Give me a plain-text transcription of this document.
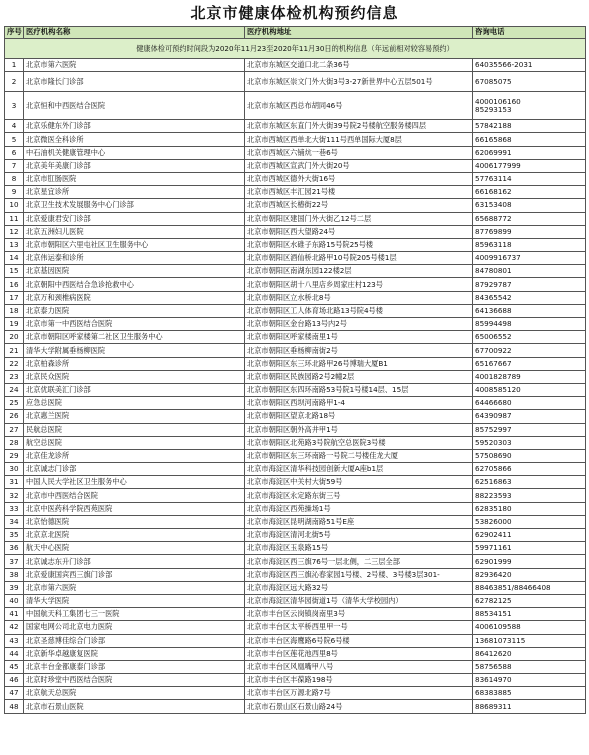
北京市健康体检机构预约信息
序号	医疗机构名称	医疗机构地址	咨询电话
健康体检可预约时间段为2020年11月23至2020年11月30日的机构信息（年远前相对较容易预约）			
1	北京市第六医院	北京市东城区交道口北二条36号	64035566-2031
2	北京市隆长门诊部	北京市东城区崇文门外大街3号3-27新世界中心五层501号	67085075
3	北京恒和中西医结合医院	北京市东城区西总布胡同46号	4000106160
85293153
4	北京乐健东外门诊部	北京市东城区东直门外大街39号院2号楼航空服务楼四层	57842188
5	北京微医全科诊所	北京市西城区西单北大街111号西单国际大厦8层	66165868
6	中石油机关健康管理中心	北京市西城区六铺炕一巷6号	62069991
7	北京美年美康门诊部	北京市西城区宣武门外大街20号	4006177999
8	北京市肛肠医院	北京市西城区德外大街16号	57763114
9	北京星宜诊所	北京市西城区丰汇园21号楼	66168162
10	北京卫生技术发展服务中心门诊部	北京市西城区长椿街22号	63153408
11	北京爱康君安门诊部	北京市朝阳区建国门外大街乙12号二层	65688772
12	北京五洲妇儿医院	北京市朝阳区西大望路24号	87769899
13	北京市朝阳区六里屯社区卫生服务中心	北京市朝阳区水碓子东路15号院25号楼	85963118
14	北京伟运泰和诊所	北京市朝阳区酒仙桥北路甲10号院205号楼1层	4009916737
15	北京基因医院	北京市朝阳区南湖东园122楼2层	84780801
16	北京朝阳中西医结合急诊抢救中心	北京市朝阳区胡十八里店乡周家庄村123号	87929787
17	北京万和颈椎病医院	北京市朝阳区立水桥北8号	84365542
18	北京泰力医院	北京市朝阳区工人体育场北路13号院4号楼	64136688
19	北京市第一中西医结合医院	北京市朝阳区金台路13号内2号	85994498
20	北京市朝阳区呼家楼第二社区卫生服务中心	北京市朝阳区呼家楼南里1号	65006552
21	清华大学附属垂杨柳医院	北京市朝阳区垂杨柳南街2号	67700922
22	北京柏森诊所	北京市朝阳区东三环北路甲26号博瑞大厦B1	65167667
23	北京民众医院	北京市朝阳区民族园路2号2幢2层	4001828789
24	北京优联美汇门诊部	北京市朝阳区东四环南路53号院1号楼14层、15层	4008585120
25	应急总医院	北京市朝阳区西坝河南路甲1-4	64466680
26	北京惠兰医院	北京市朝阳区望京北路18号	64390987
27	民航总医院	北京市朝阳区朝外高井甲1号	85752997
28	航空总医院	北京市朝阳区北苑路3号院航空总医院3号楼	59520303
29	北京佳龙诊所	北京市朝阳区东三环南路一号院二号楼佳龙大厦	57508690
30	北京诚志门诊部	北京市海淀区清华科技园创新大厦A座b1层	62705866
31	中国人民大学社区卫生服务中心	北京市海淀区中关村大街59号	62516863
32	北京市中西医结合医院	北京市海淀区永定路东街三号	88223593
33	北京中医药科学院西苑医院	北京市海淀区西苑操场1号	62835180
34	北京怡德医院	北京市海淀区昆明湖南路51号E座	53826000
35	北京京北医院	北京市海淀区清河北街5号	62902411
36	航天中心医院	北京市海淀区玉泉路15号	59971161
37	北京诚志东升门诊部	北京市海淀区西三旗76号一层北侧，二三层全部	62901999
38	北京爱康国宾西三旗门诊部	北京市海淀区西三旗沁春家园1号楼、2号楼、3号楼3层301-	82936420
39	北京市第六医院	北京市海淀区远大路32号	88463851/88466408
40	清华大学医院	北京市海淀区清华园街道1号（清华大学校园内）	62782125
41	中国航天科工集团七三一医院	北京市丰台区云岗镇岗南里3号	88534151
42	国家电网公司北京电力医院	北京市丰台区太平桥西里甲一号	4006109588
43	北京圣慈博佳综合门诊部	北京市丰台区海鹰路6号院6号楼	13681073115
44	北京新华卓越康复医院	北京市丰台区莲花池西里8号	86412620
45	北京丰台金都康泰门诊部	北京市丰台区风凰嘴甲八号	58756588
46	北京时珍堂中西医结合医院	北京市丰台区丰葆路198号	83614970
47	北京航天总医院	北京市丰台区万源北路7号	68383885
48	北京市石景山医院	北京市石景山区石景山路24号	88689311
